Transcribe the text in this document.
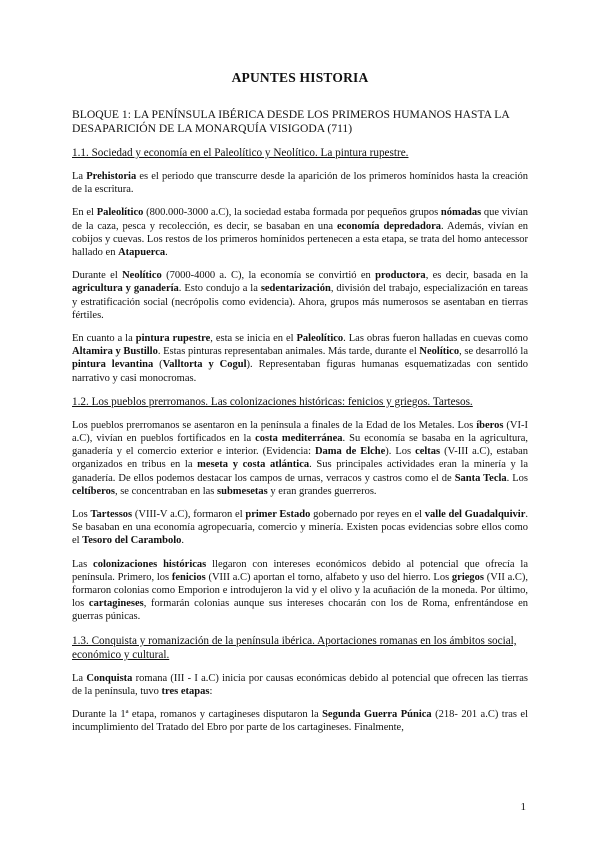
APUNTES HISTORIA
BLOQUE 1: LA PENÍNSULA IBÉRICA DESDE LOS PRIMEROS HUMANOS HASTA LA DESAPARICIÓN DE LA MONARQUÍA VISIGODA (711)
1.1. Sociedad y economía en el Paleolítico y Neolítico. La pintura rupestre.

La Prehistoria es el periodo que transcurre desde la aparición de los primeros homínidos hasta la creación de la escritura.

En el Paleolítico (800.000-3000 a.C), la sociedad estaba formada por pequeños grupos nómadas que vivían de la caza, pesca y recolección, es decir, se basaban en una economía depredadora. Además, vivían en cobijos y cuevas. Los restos de los primeros homínidos pertenecen a esta etapa, se trata del homo antecessor hallado en Atapuerca.

Durante el Neolítico (7000-4000 a. C), la economía se convirtió en productora, es decir, basada en la agricultura y ganadería. Esto condujo a la sedentarización, división del trabajo, especialización en tareas y estratificación social (necrópolis como evidencia). Ahora, grupos más numerosos se asentaban en tierras fértiles.

En cuanto a la pintura rupestre, esta se inicia en el Paleolítico. Las obras fueron halladas en cuevas como Altamira y Bustillo. Estas pinturas representaban animales. Más tarde, durante el Neolítico, se desarrolló la pintura levantina (Valltorta y Cogul). Representaban figuras humanas esquematizadas con sentido narrativo y casi monocromas.

1.2. Los pueblos prerromanos. Las colonizaciones históricas: fenicios y griegos. Tartesos.

Los pueblos prerromanos se asentaron en la península a finales de la Edad de los Metales. Los íberos (VI-I a.C), vivían en pueblos fortificados en la costa mediterránea. Su economía se basaba en la agricultura, ganadería y el comercio exterior e interior. (Evidencia: Dama de Elche). Los celtas (V-III a.C), estaban organizados en tribus en la meseta y costa atlántica. Sus principales actividades eran la minería y la ganadería. De ellos podemos destacar los campos de urnas, verracos y castros como el de Santa Tecla. Los celtíberos, se concentraban en las submesetas y eran grandes guerreros.

Los Tartessos (VIII-V a.C), formaron el primer Estado gobernado por reyes en el valle del Guadalquivir. Se basaban en una economía agropecuaria, comercio y minería. Existen pocas evidencias sobre ellos como el Tesoro del Carambolo.

Las colonizaciones históricas llegaron con intereses económicos debido al potencial que ofrecía la península. Primero, los fenicios (VIII a.C) aportan el torno, alfabeto y uso del hierro. Los griegos (VII a.C), formaron colonias como Emporion e introdujeron la vid y el olivo y la acuñación de la moneda. Por último, los cartagineses, formarán colonias aunque sus intereses chocarán con los de Roma, enfrentándose en guerras púnicas.

1.3. Conquista y romanización de la península ibérica. Aportaciones romanas en los ámbitos social, económico y cultural.

La Conquista romana (III - I a.C) inicia por causas económicas debido al potencial que ofrecen las tierras de la península, tuvo tres etapas:

Durante la 1ª etapa, romanos y cartagineses disputaron la Segunda Guerra Púnica (218- 201 a.C) tras el incumplimiento del Tratado del Ebro por parte de los cartagineses. Finalmente,

1
